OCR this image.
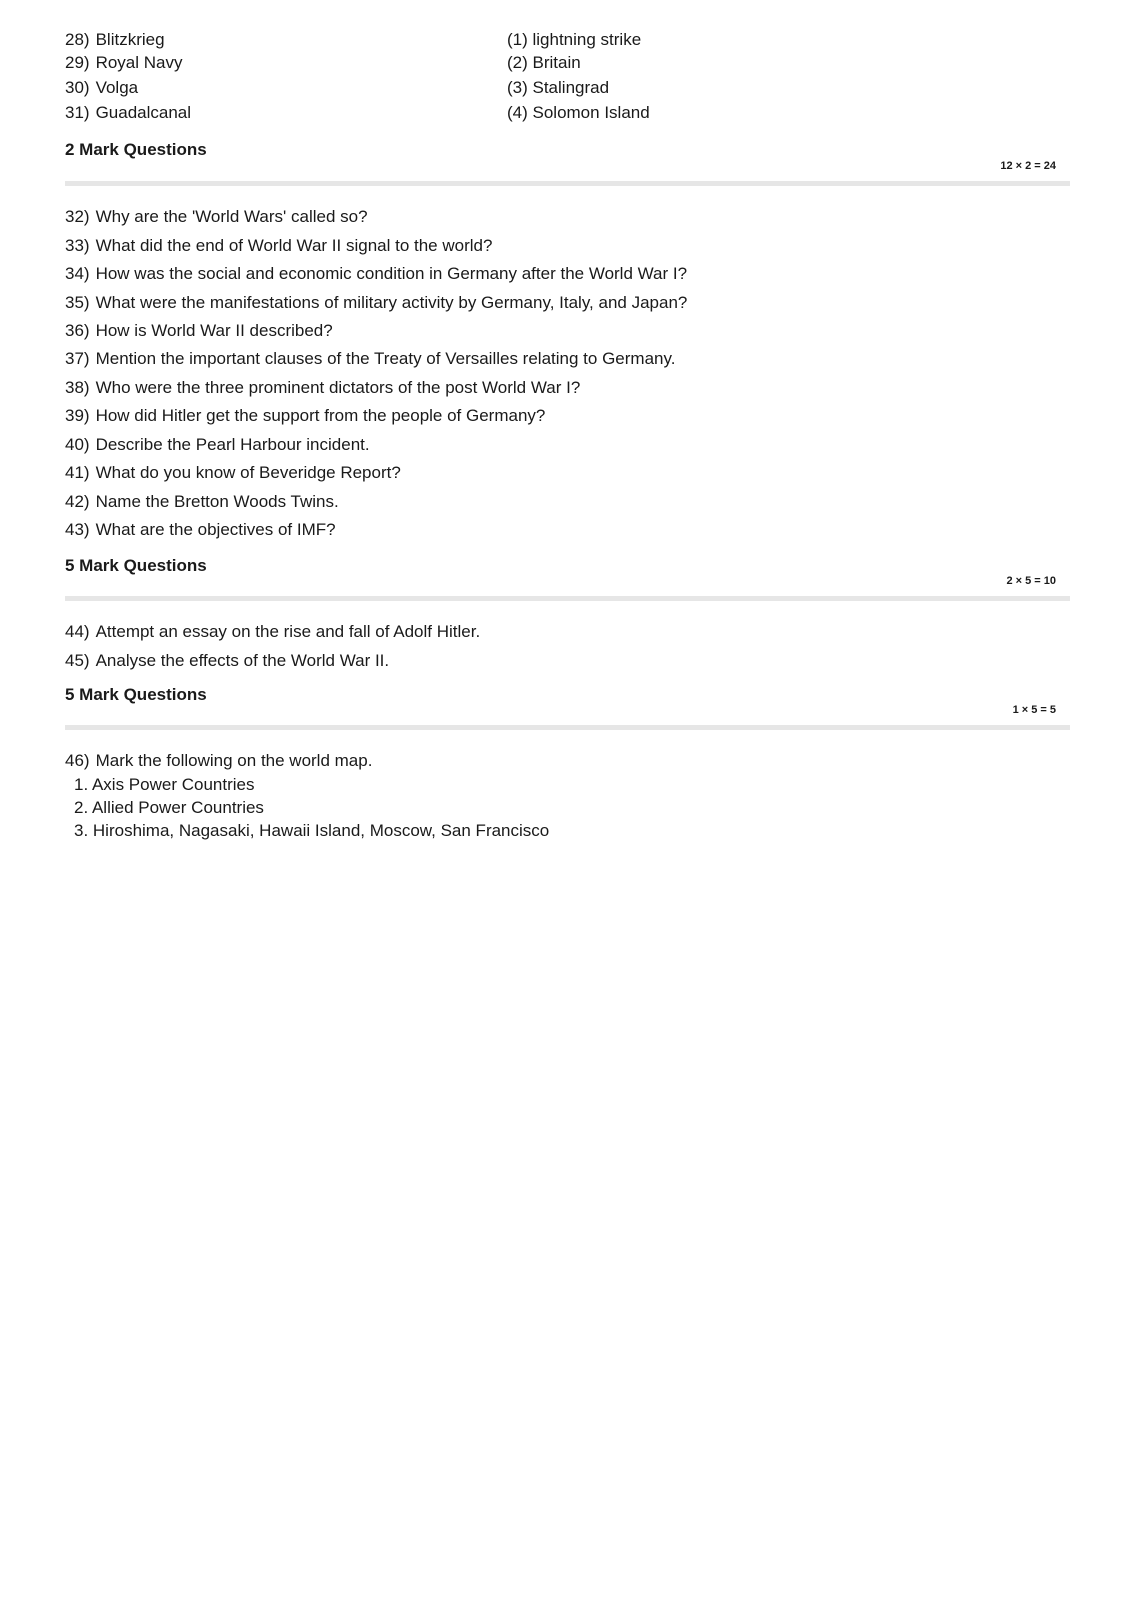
28) Blitzkrieg	(1) lightning strike
29) Royal Navy	(2) Britain
30) Volga	(3) Stalingrad
31) Guadalcanal	(4) Solomon Island
2 Mark Questions
12 × 2 = 24
32) Why are the 'World Wars' called so?
33) What did the end of World War II signal to the world?
34) How was the social and economic condition in Germany after the World War I?
35) What were the manifestations of military activity by Germany, Italy, and Japan?
36) How is World War II described?
37) Mention the important clauses of the Treaty of Versailles relating to Germany.
38) Who were the three prominent dictators of the post World War I?
39) How did Hitler get the support from the people of Germany?
40) Describe the Pearl Harbour incident.
41) What do you know of Beveridge Report?
42) Name the Bretton Woods Twins.
43) What are the objectives of IMF?
5 Mark Questions
2 × 5 = 10
44) Attempt an essay on the rise and fall of Adolf Hitler.
45) Analyse the effects of the World War II.
5 Mark Questions
1 × 5 = 5
46) Mark the following on the world map.
1. Axis Power Countries
2. Allied Power Countries
3. Hiroshima, Nagasaki, Hawaii Island, Moscow, San Francisco
